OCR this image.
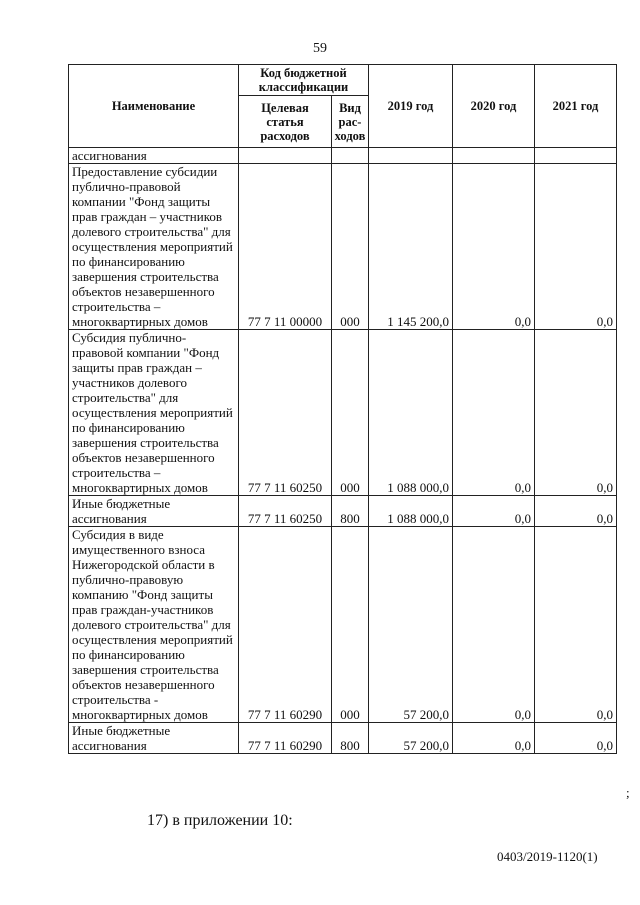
59
Наименование	Код бюджетной классификации		2019 год	2020 год	2021 год
	Целевая статья расходов	Вид рас-ходов			
ассигнования					
Предоставление субсидии публично-правовой компании "Фонд защиты прав граждан – участников долевого строительства" для осуществления мероприятий по финансированию завершения строительства объектов незавершенного строительства – многоквартирных домов	77 7 11 00000	000	1 145 200,0	0,0	0,0
Субсидия публично-правовой компании "Фонд защиты прав граждан – участников долевого строительства" для осуществления мероприятий по финансированию завершения строительства объектов незавершенного строительства – многоквартирных домов	77 7 11 60250	000	1 088 000,0	0,0	0,0
Иные бюджетные ассигнования	77 7 11 60250	800	1 088 000,0	0,0	0,0
Субсидия в виде имущественного взноса Нижегородской области в публично-правовую компанию "Фонд защиты прав граждан-участников долевого строительства" для осуществления мероприятий по финансированию завершения строительства объектов незавершенного строительства - многоквартирных домов	77 7 11 60290	000	57 200,0	0,0	0,0
Иные бюджетные ассигнования	77 7 11 60290	800	57 200,0	0,0	0,0
;
17) в приложении 10:
0403/2019-1120(1)
